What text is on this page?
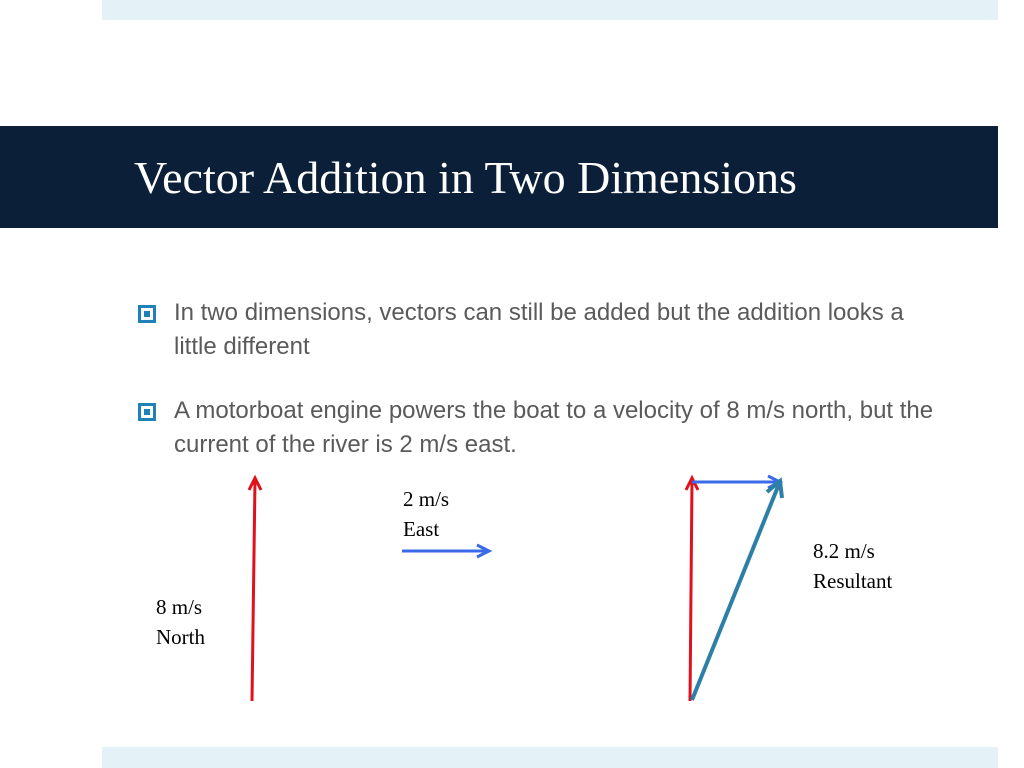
Vector Addition in Two Dimensions
In two dimensions, vectors can still be added but the addition looks a little different
A motorboat engine powers the boat to a velocity of 8 m/s north, but the current of the river is 2 m/s east.
8 m/s
North
2 m/s
East
8.2 m/s
Resultant
